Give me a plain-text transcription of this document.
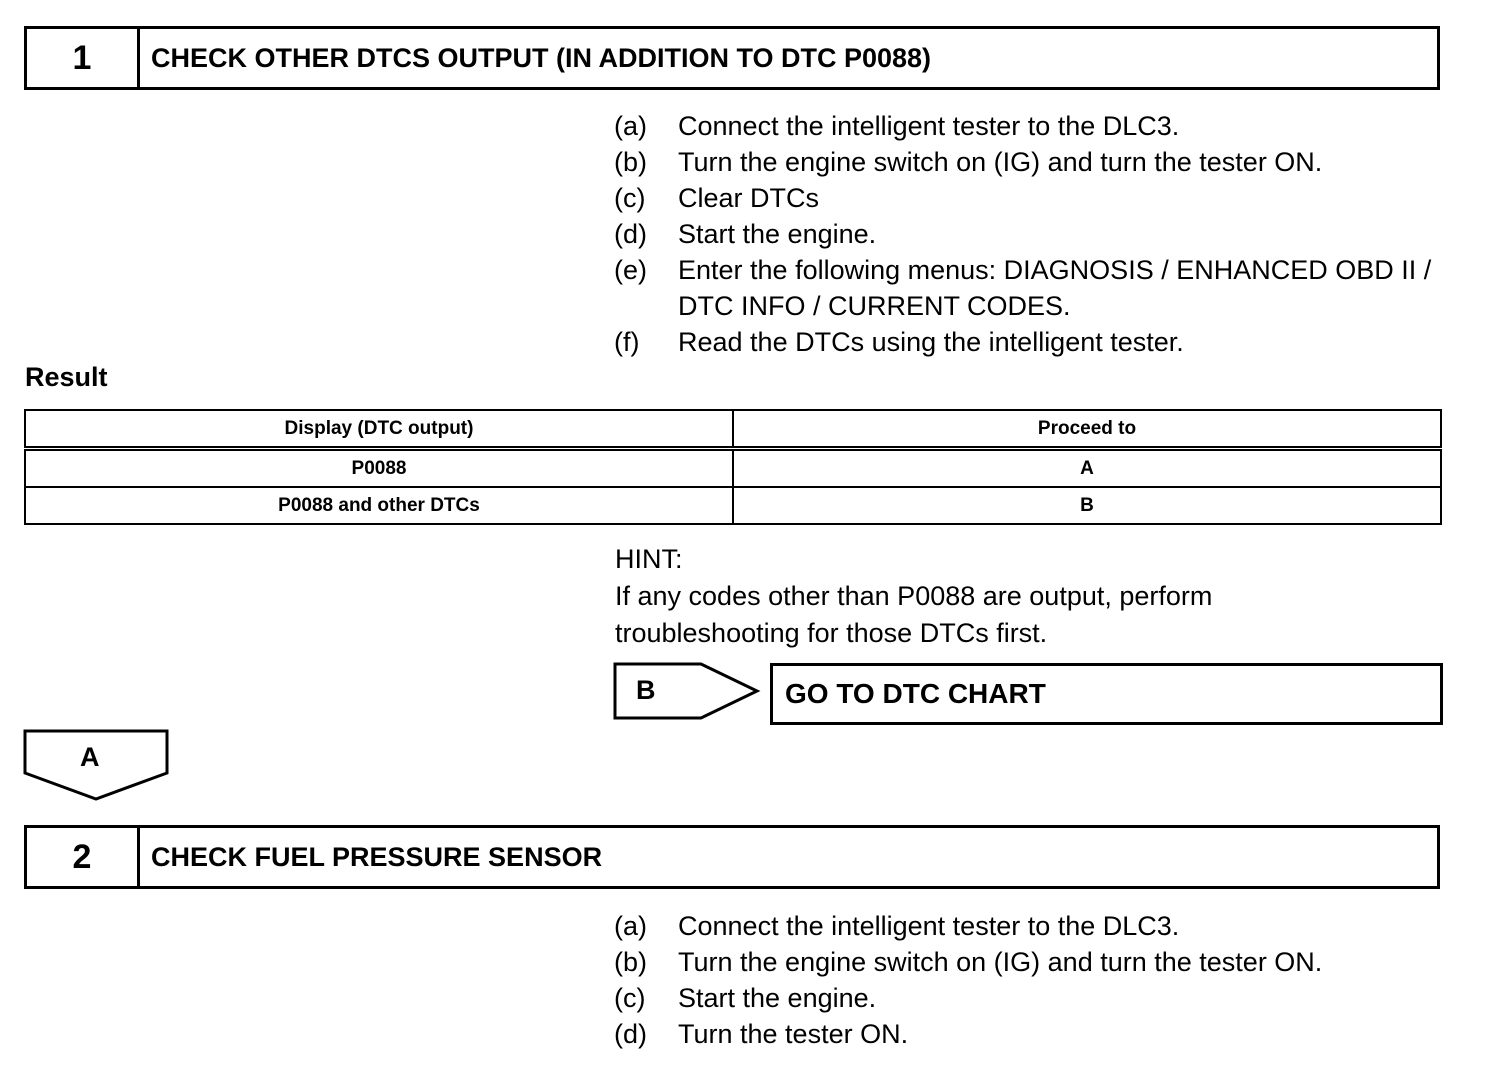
1	CHECK OTHER DTCS OUTPUT (IN ADDITION TO DTC P0088)
(a)	Connect the intelligent tester to the DLC3.
(b)	Turn the engine switch on (IG) and turn the tester ON.
(c)	Clear DTCs
(d)	Start the engine.
(e)	Enter the following menus: DIAGNOSIS / ENHANCED OBD II / DTC INFO / CURRENT CODES.
(f)	Read the DTCs using the intelligent tester.
Result
Display (DTC output)	Proceed to
P0088	A
P0088 and other DTCs	B

HINT:

If any codes other than P0088 are output, perform

troubleshooting for those DTCs first.

B	GO TO DTC CHART
A
2	CHECK FUEL PRESSURE SENSOR
(a)	Connect the intelligent tester to the DLC3.
(b)	Turn the engine switch on (IG) and turn the tester ON.
(c)	Start the engine.
(d)	Turn the tester ON.
